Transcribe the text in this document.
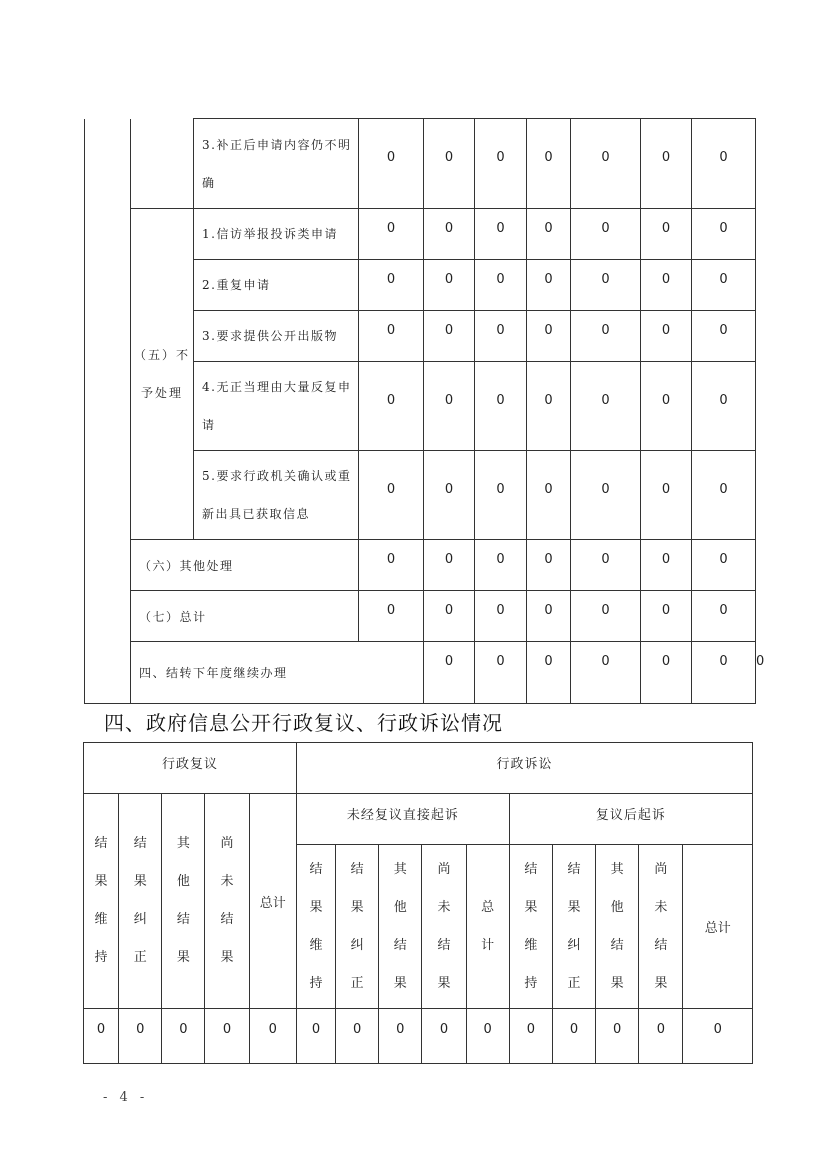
		3.补正后申请内容仍不明确	0	0	0	0	0	0	0	
	（五）不予处理	1.信访举报投诉类申请	0	0	0	0	0	0	0	
		2.重复申请	0	0	0	0	0	0	0	
		3.要求提供公开出版物	0	0	0	0	0	0	0	
		4.无正当理由大量反复申请	0	0	0	0	0	0	0	
		5.要求行政机关确认或重新出具已获取信息	0	0	0	0	0	0	0	
	（六）其他处理		0	0	0	0	0	0	0	
	（七）总计		0	0	0	0	0	0	0	
	四、结转下年度继续办理			0	0	0	0	0	0	0
四、政府信息公开行政复议、行政诉讼情况
行政复议					行政诉讼									

结果维持	结果纠正	其他结果	尚未结果	总计	未经复议直接起诉					复议后起诉				

					结果维持	结果纠正	其他结果	尚未结果	总计	结果维持	结果纠正	其他结果	尚未结果	总计
0	0	0	0	0	0	0	0	0	0	0	0	0	0	0
- 4 -
